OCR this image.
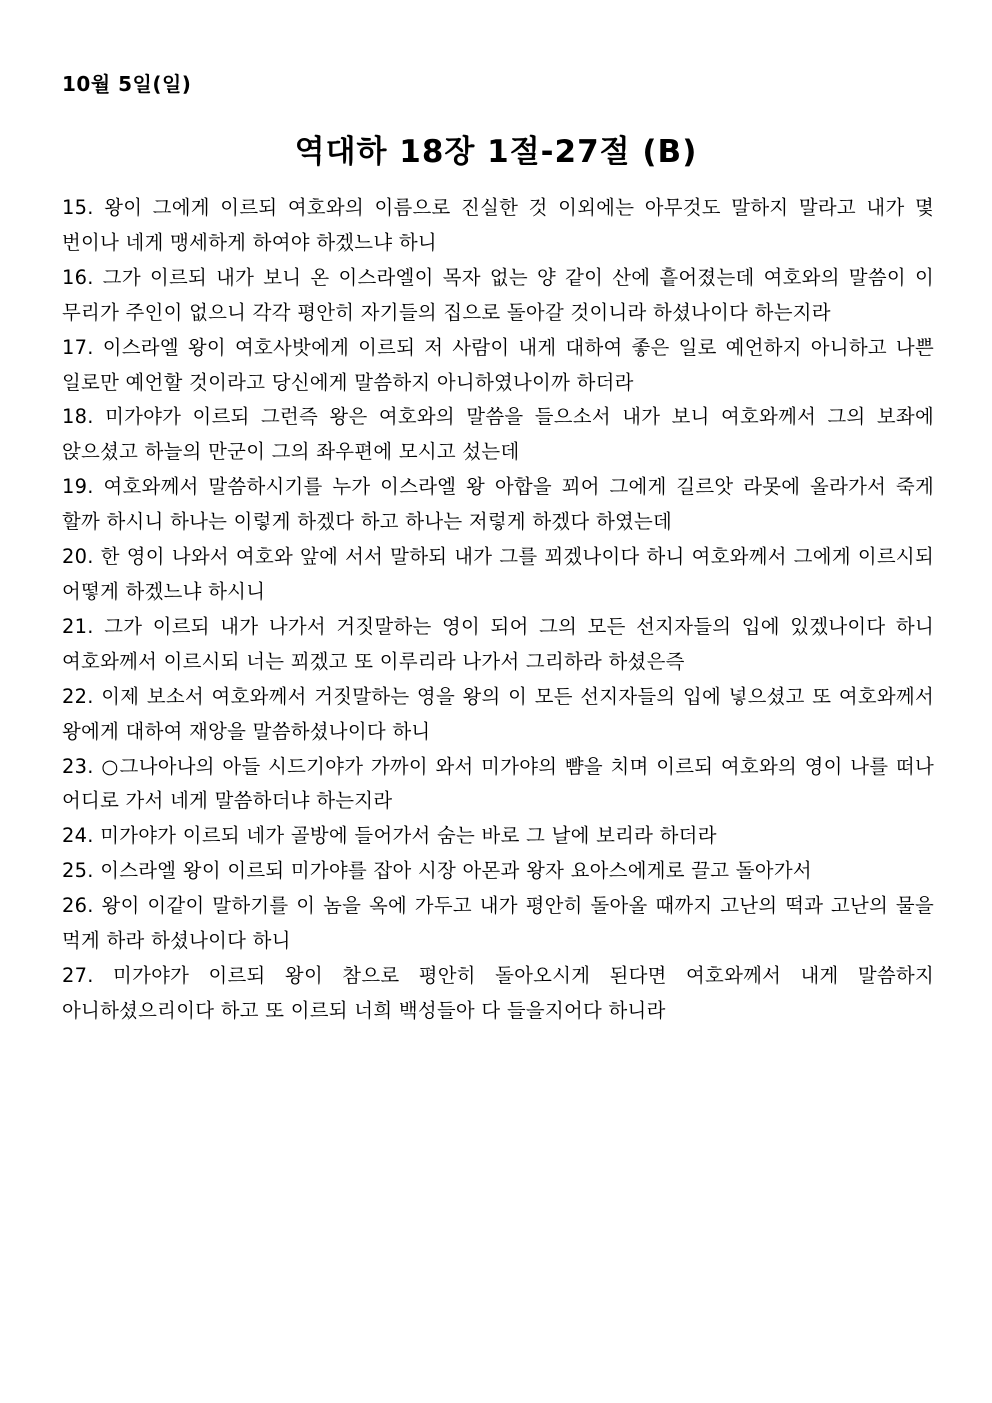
10월 5일(일)
역대하 18장 1절-27절 (B)

15. 왕이 그에게 이르되 여호와의 이름으로 진실한 것 이외에는 아무것도 말하지 말라고 내가 몇 번이나 네게 맹세하게 하여야 하겠느냐 하니

16. 그가 이르되 내가 보니 온 이스라엘이 목자 없는 양 같이 산에 흩어졌는데 여호와의 말씀이 이 무리가 주인이 없으니 각각 평안히 자기들의 집으로 돌아갈 것이니라 하셨나이다 하는지라

17. 이스라엘 왕이 여호사밧에게 이르되 저 사람이 내게 대하여 좋은 일로 예언하지 아니하고 나쁜 일로만 예언할 것이라고 당신에게 말씀하지 아니하였나이까 하더라

18. 미가야가 이르되 그런즉 왕은 여호와의 말씀을 들으소서 내가 보니 여호와께서 그의 보좌에 앉으셨고 하늘의 만군이 그의 좌우편에 모시고 섰는데

19. 여호와께서 말씀하시기를 누가 이스라엘 왕 아합을 꾀어 그에게 길르앗 라못에 올라가서 죽게 할까 하시니 하나는 이렇게 하겠다 하고 하나는 저렇게 하겠다 하였는데

20. 한 영이 나와서 여호와 앞에 서서 말하되 내가 그를 꾀겠나이다 하니 여호와께서 그에게 이르시되 어떻게 하겠느냐 하시니

21. 그가 이르되 내가 나가서 거짓말하는 영이 되어 그의 모든 선지자들의 입에 있겠나이다 하니 여호와께서 이르시되 너는 꾀겠고 또 이루리라 나가서 그리하라 하셨은즉

22. 이제 보소서 여호와께서 거짓말하는 영을 왕의 이 모든 선지자들의 입에 넣으셨고 또 여호와께서 왕에게 대하여 재앙을 말씀하셨나이다 하니

23. ○그나아나의 아들 시드기야가 가까이 와서 미가야의 뺨을 치며 이르되 여호와의 영이 나를 떠나 어디로 가서 네게 말씀하더냐 하는지라

24. 미가야가 이르되 네가 골방에 들어가서 숨는 바로 그 날에 보리라 하더라

25. 이스라엘 왕이 이르되 미가야를 잡아 시장 아몬과 왕자 요아스에게로 끌고 돌아가서

26. 왕이 이같이 말하기를 이 놈을 옥에 가두고 내가 평안히 돌아올 때까지 고난의 떡과 고난의 물을 먹게 하라 하셨나이다 하니

27. 미가야가 이르되 왕이 참으로 평안히 돌아오시게 된다면 여호와께서 내게 말씀하지 아니하셨으리이다 하고 또 이르되 너희 백성들아 다 들을지어다 하니라
